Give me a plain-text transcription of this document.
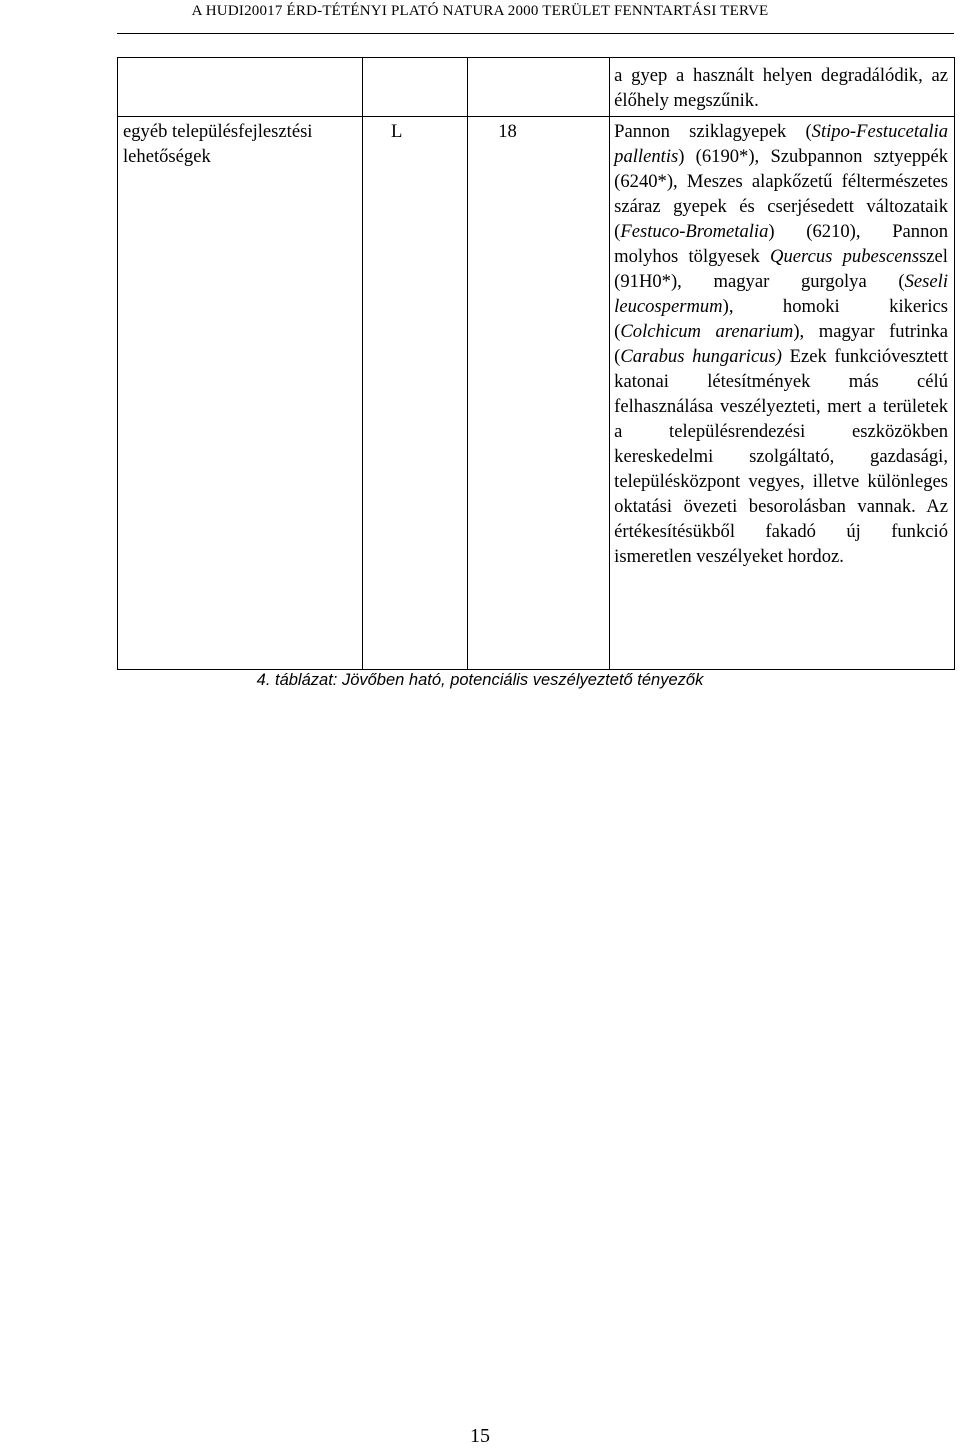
A HUDI20017 ÉRD-TÉTÉNYI PLATÓ NATURA 2000 TERÜLET FENNTARTÁSI TERVE

			a gyep a használt helyen degradálódik, az élőhely megszűnik.

egyéb településfejlesztési lehetőségek	L	18	Pannon sziklagyepek (Stipo-Festucetalia pallentis) (6190*), Szubpannon sztyeppék (6240*), Meszes alapkőzetű féltermészetes száraz gyepek és cserjésedett változataik (Festuco-Brometalia) (6210), Pannon molyhos tölgyesek Quercus pubescensszel (91H0*), magyar gurgolya (Seseli leucospermum), homoki kikerics (Colchicum arenarium), magyar futrinka (Carabus hungaricus) Ezek funkcióvesztett katonai létesítmények más célú felhasználása veszélyezteti, mert a területek a településrendezési eszközökben kereskedelmi szolgáltató, gazdasági, településközpont vegyes, illetve különleges oktatási övezeti besorolásban vannak. Az értékesítésükből fakadó új funkció ismeretlen veszélyeket hordoz.
4. táblázat: Jövőben ható, potenciális veszélyeztető tényezők
15
